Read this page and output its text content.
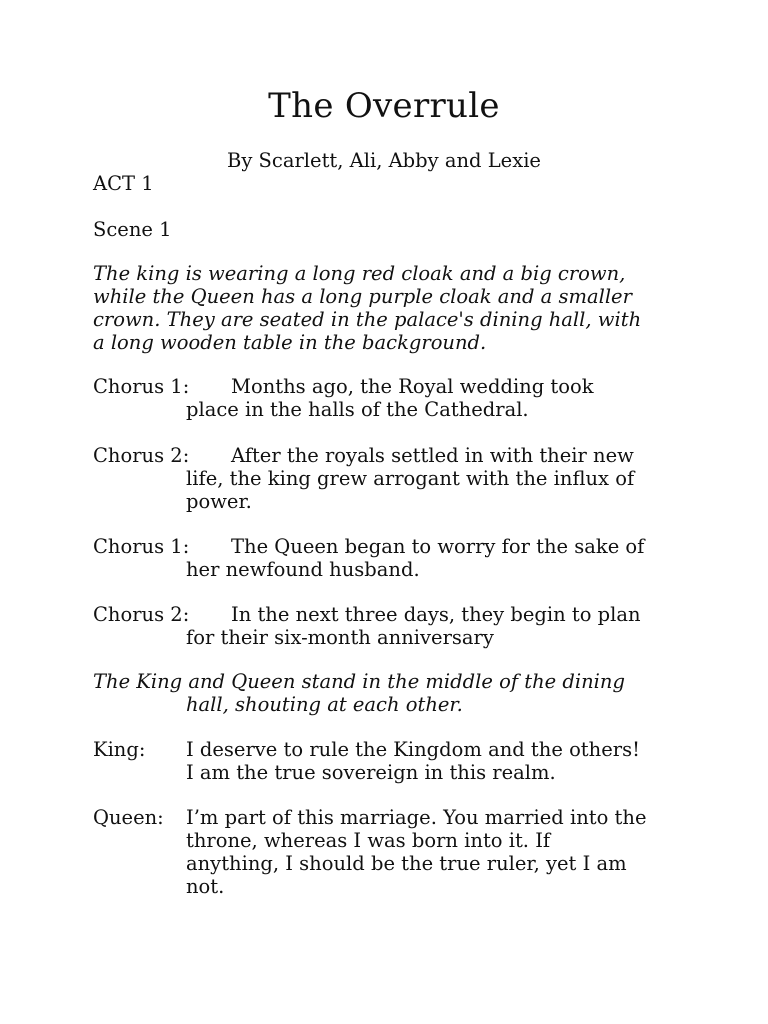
The Overrule
By Scarlett, Ali, Abby and Lexie
ACT 1
Scene 1
The king is wearing a long red cloak and a big crown,
while the Queen has a long purple cloak and a smaller
crown. They are seated in the palace's dining hall, with
a long wooden table in the background.
Chorus 1: Months ago, the Royal wedding took
place in the halls of the Cathedral.
Chorus 2: After the royals settled in with their new
life, the king grew arrogant with the influx of
power.
Chorus 1: The Queen began to worry for the sake of
her newfound husband.
Chorus 2: In the next three days, they begin to plan
for their six-month anniversary
The King and Queen stand in the middle of the dining
hall, shouting at each other.
King: I deserve to rule the Kingdom and the others!
I am the true sovereign in this realm.
Queen: I’m part of this marriage. You married into the
throne, whereas I was born into it. If
anything, I should be the true ruler, yet I am
not.
